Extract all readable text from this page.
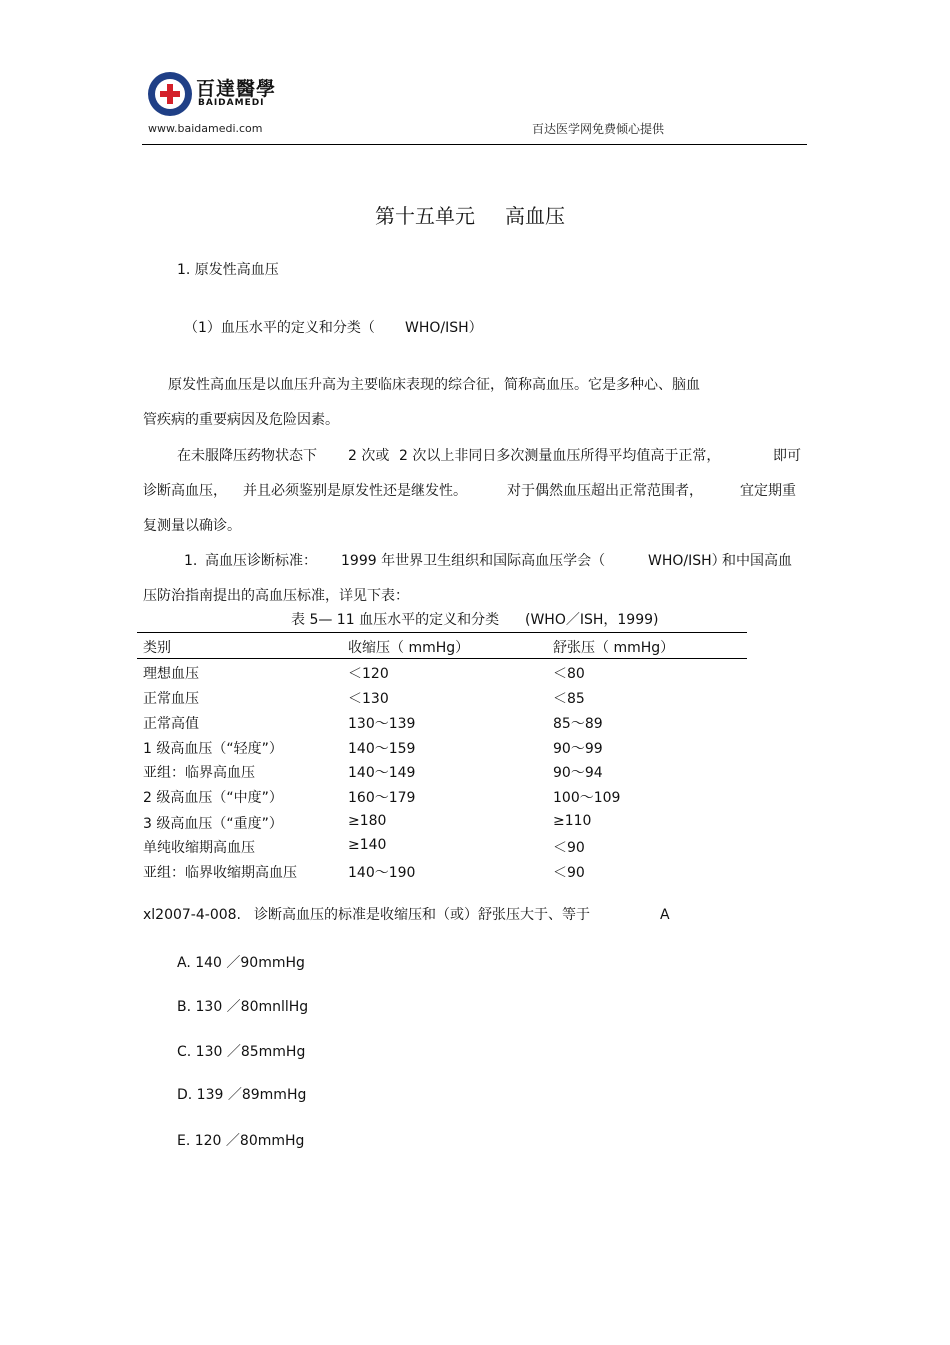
百達醫學
BAIDAMEDI
www.baidamedi.com	百达医学网免费倾心提供
第十五单元 高血压
1. 原发性高血压
（1）血压水平的定义和分类（ WHO/ISH）
原发性高血压是以血压升高为主要临床表现的综合征，简称高血压。它是多种心、脑血
管疾病的重要病因及危险因素。
在未服降压药物状态下 2 次或 2 次以上非同日多次测量血压所得平均值高于正常，	即可
诊断高血压， 并且必须鉴别是原发性还是继发性。	对于偶然血压超出正常范围者，	宜定期重
复测量以确诊。
1. 高血压诊断标准： 1999 年世界卫生组织和国际高血压学会（	WHO/ISH）
和中国高血
压防治指南提出的高血压标准，详见下表：
表 5— 11 血压水平的定义和分类 (WHO／ISH，1999)
类别	收缩压（ mmHg）	舒张压（ mmHg）
理想血压	＜120	＜80
正常血压	＜130	＜85
正常高值	130～139	85～89
1 级高血压（“轻度”）	140～159	90～99
亚组：临界高血压	140～149	90～94
2 级高血压（“中度”）	160～179	100～109
3 级高血压（“重度”）	≥180	≥110
单纯收缩期高血压	≥140	＜90
亚组：临界收缩期高血压	140～190	＜90
xl2007-4-008. 诊断高血压的标准是收缩压和（或）舒张压大于、等于	A
A. 140 ／90mmHg
B. 130 ／80mnllHg
C. 130 ／85mmHg
D. 139 ／89mmHg
E. 120 ／80mmHg
